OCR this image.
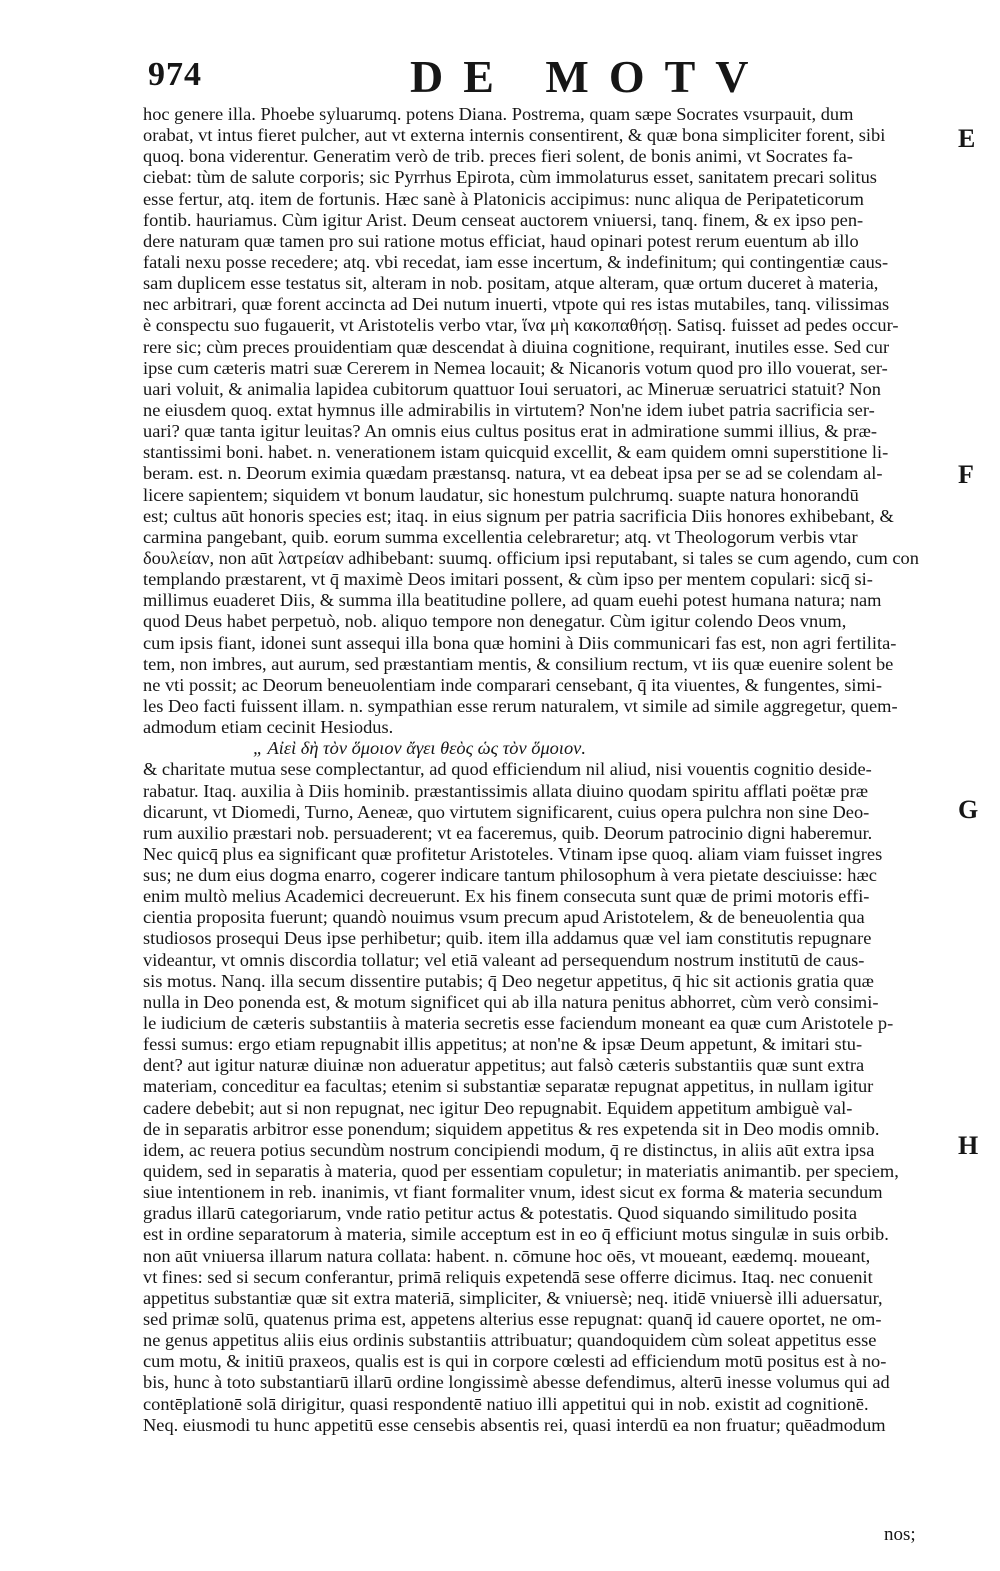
974	DE MOTV
E
F
G
H
hoc genere illa. Phoebe syluarumq. potens Diana. Postrema, quam sæpe Socrates vsurpauit, dum
orabat, vt intus fieret pulcher, aut vt externa internis consentirent, & quæ bona simpliciter forent, sibi
quoq. bona viderentur. Generatim verò de trib. preces fieri solent, de bonis animi, vt Socrates fa-
ciebat: tùm de salute corporis; sic Pyrrhus Epirota, cùm immolaturus esset, sanitatem precari solitus
esse fertur, atq. item de fortunis. Hæc sanè à Platonicis accipimus: nunc aliqua de Peripateticorum
fontib. hauriamus. Cùm igitur Arist. Deum censeat auctorem vniuersi, tanq. finem, & ex ipso pen-
dere naturam quæ tamen pro sui ratione motus efficiat, haud opinari potest rerum euentum ab illo
fatali nexu posse recedere; atq. vbi recedat, iam esse incertum, & indefinitum; qui contingentiæ caus-
sam duplicem esse testatus sit, alteram in nob. positam, atque alteram, quæ ortum duceret à materia,
nec arbitrari, quæ forent accincta ad Dei nutum inuerti, vtpote qui res istas mutabiles, tanq. vilissimas
è conspectu suo fugauerit, vt Aristotelis verbo vtar, ἵνα μὴ κακοπαθήσῃ. Satisq. fuisset ad pedes occur-
rere sic; cùm preces prouidentiam quæ descendat à diuina cognitione, requirant, inutiles esse. Sed cur
ipse cum cæteris matri suæ Cererem in Nemea locauit; & Nicanoris votum quod pro illo vouerat, ser-
uari voluit, & animalia lapidea cubitorum quattuor Ioui seruatori, ac Mineruæ seruatrici statuit? Non
ne eiusdem quoq. extat hymnus ille admirabilis in virtutem? Non'ne idem iubet patria sacrificia ser-
uari? quæ tanta igitur leuitas? An omnis eius cultus positus erat in admiratione summi illius, & præ-
stantissimi boni. habet. n. venerationem istam quicquid excellit, & eam quidem omni superstitione li-
beram. est. n. Deorum eximia quædam præstansq. natura, vt ea debeat ipsa per se ad se colendam al-
licere sapientem; siquidem vt bonum laudatur, sic honestum pulchrumq. suapte natura honorandū
est; cultus aūt honoris species est; itaq. in eius signum per patria sacrificia Diis honores exhibebant, &
carmina pangebant, quib. eorum summa excellentia celebraretur; atq. vt Theologorum verbis vtar
δουλείαν, non aūt λατρείαν adhibebant: suumq. officium ipsi reputabant, si tales se cum agendo, cum con
templando præstarent, vt q̄ maximè Deos imitari possent, & cùm ipso per mentem copulari: sicq̄ si-
millimus euaderet Diis, & summa illa beatitudine pollere, ad quam euehi potest humana natura; nam
quod Deus habet perpetuò, nob. aliquo tempore non denegatur. Cùm igitur colendo Deos vnum,
cum ipsis fiant, idonei sunt assequi illa bona quæ homini à Diis communicari fas est, non agri fertilita-
tem, non imbres, aut aurum, sed præstantiam mentis, & consilium rectum, vt iis quæ euenire solent be
ne vti possit; ac Deorum beneuolentiam inde comparari censebant, q̄ ita viuentes, & fungentes, simi-
les Deo facti fuissent illam. n. sympathian esse rerum naturalem, vt simile ad simile aggregetur, quem-
admodum etiam cecinit Hesiodus.
„ Αἰεὶ δὴ τὸν ὅμοιον ἄγει θεὸς ὡς τὸν ὅμοιον.
& charitate mutua sese complectantur, ad quod efficiendum nil aliud, nisi vouentis cognitio deside-
rabatur. Itaq. auxilia à Diis hominib. præstantissimis allata diuino quodam spiritu afflati poëtæ præ
dicarunt, vt Diomedi, Turno, Aeneæ, quo virtutem significarent, cuius opera pulchra non sine Deo-
rum auxilio præstari nob. persuaderent; vt ea faceremus, quib. Deorum patrocinio digni haberemur.
Nec quicq̄ plus ea significant quæ profitetur Aristoteles. Vtinam ipse quoq. aliam viam fuisset ingres
sus; ne dum eius dogma enarro, cogerer indicare tantum philosophum à vera pietate desciuisse: hæc
enim multò melius Academici decreuerunt. Ex his finem consecuta sunt quæ de primi motoris effi-
cientia proposita fuerunt; quandò nouimus vsum precum apud Aristotelem, & de beneuolentia qua
studiosos prosequi Deus ipse perhibetur; quib. item illa addamus quæ vel iam constitutis repugnare
videantur, vt omnis discordia tollatur; vel etiā valeant ad persequendum nostrum institutū de caus-
sis motus. Nanq. illa secum dissentire putabis; q̄ Deo negetur appetitus, q̄ hic sit actionis gratia quæ
nulla in Deo ponenda est, & motum significet qui ab illa natura penitus abhorret, cùm verò consimi-
le iudicium de cæteris substantiis à materia secretis esse faciendum moneant ea quæ cum Aristotele p-
fessi sumus: ergo etiam repugnabit illis appetitus; at non'ne & ipsæ Deum appetunt, & imitari stu-
dent? aut igitur naturæ diuinæ non adueratur appetitus; aut falsò cæteris substantiis quæ sunt extra
materiam, conceditur ea facultas; etenim si substantiæ separatæ repugnat appetitus, in nullam igitur
cadere debebit; aut si non repugnat, nec igitur Deo repugnabit. Equidem appetitum ambiguè val-
de in separatis arbitror esse ponendum; siquidem appetitus & res expetenda sit in Deo modis omnib.
idem, ac reuera potius secundùm nostrum concipiendi modum, q̄ re distinctus, in aliis aūt extra ipsa
quidem, sed in separatis à materia, quod per essentiam copuletur; in materiatis animantib. per speciem,
siue intentionem in reb. inanimis, vt fiant formaliter vnum, idest sicut ex forma & materia secundum
gradus illarū categoriarum, vnde ratio petitur actus & potestatis. Quod siquando similitudo posita
est in ordine separatorum à materia, simile acceptum est in eo q̄ efficiunt motus singulæ in suis orbib.
non aūt vniuersa illarum natura collata: habent. n. cōmune hoc oēs, vt moueant, eædemq. moueant,
vt fines: sed si secum conferantur, primā reliquis expetendā sese offerre dicimus. Itaq. nec conuenit
appetitus substantiæ quæ sit extra materiā, simpliciter, & vniuersè; neq. itidē vniuersè illi aduersatur,
sed primæ solū, quatenus prima est, appetens alterius esse repugnat: quanq̄ id cauere oportet, ne om-
ne genus appetitus aliis eius ordinis substantiis attribuatur; quandoquidem cùm soleat appetitus esse
cum motu, & initiū praxeos, qualis est is qui in corpore cœlesti ad efficiendum motū positus est à no-
bis, hunc à toto substantiarū illarū ordine longissimè abesse defendimus, alterū inesse volumus qui ad
contēplationē solā dirigitur, quasi respondentē natiuo illi appetitui qui in nob. existit ad cognitionē.
Neq. eiusmodi tu hunc appetitū esse censebis absentis rei, quasi interdū ea non fruatur; quēadmodum
nos;
